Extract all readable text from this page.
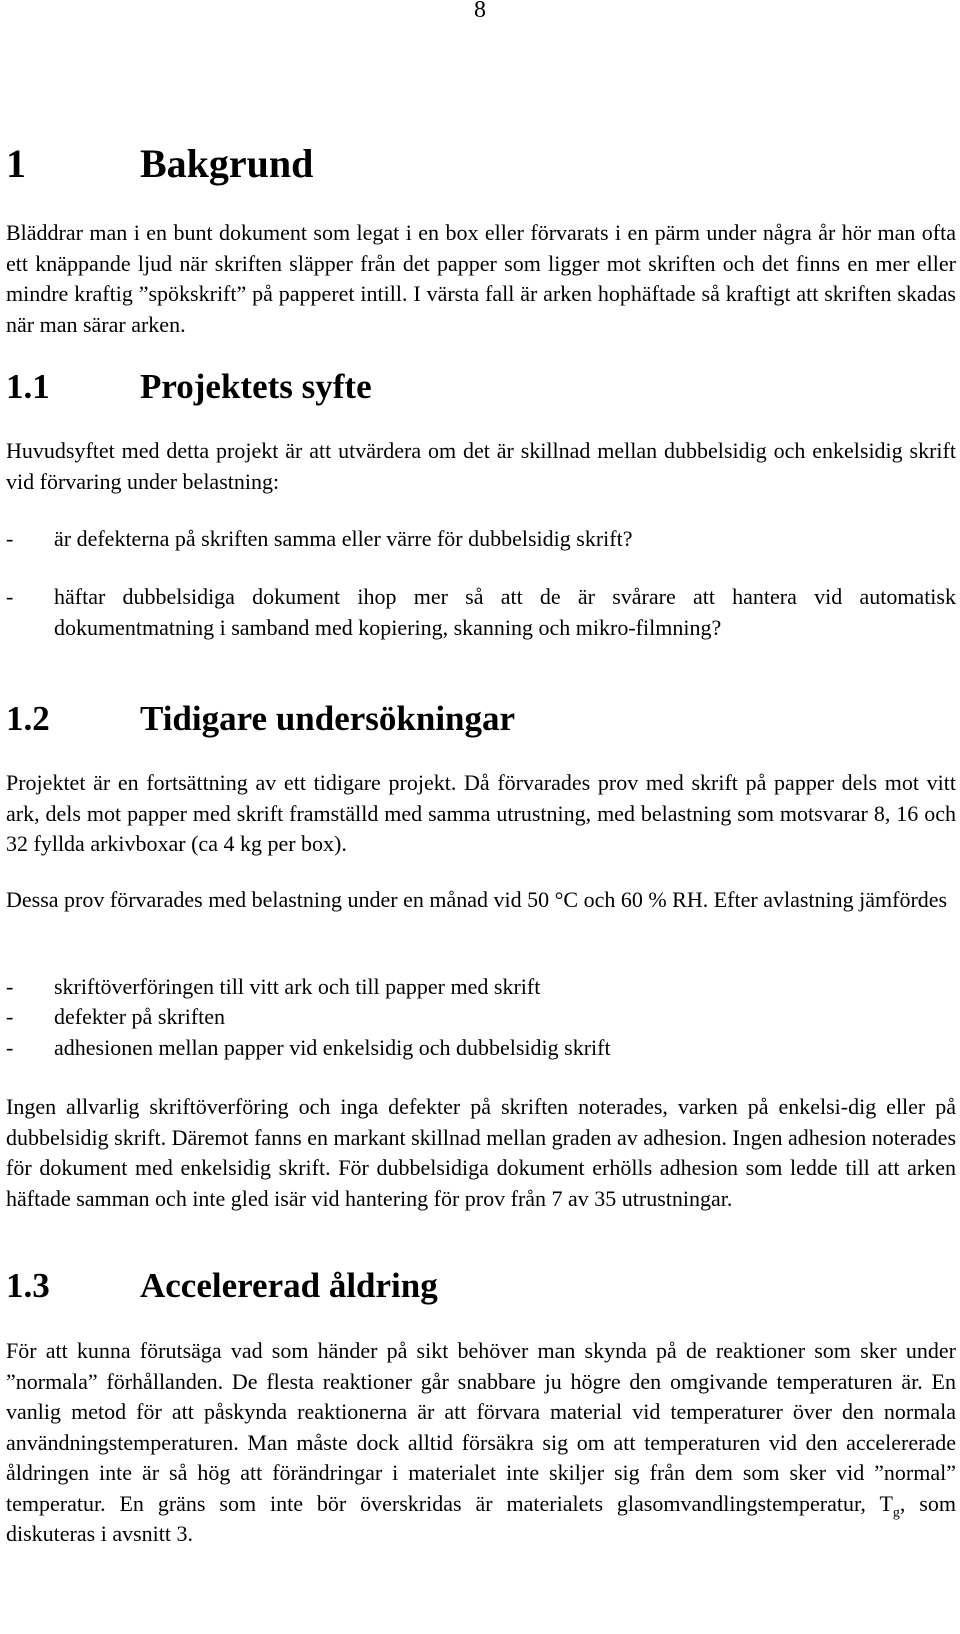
8
1	Bakgrund

Bläddrar man i en bunt dokument som legat i en box eller förvarats i en pärm under några år hör man ofta ett knäppande ljud när skriften släpper från det papper som ligger mot skriften och det finns en mer eller mindre kraftig ”spökskrift” på papperet intill. I värsta fall är arken hophäftade så kraftigt att skriften skadas när man särar arken.

1.1	Projektets syfte

Huvudsyftet med detta projekt är att utvärdera om det är skillnad mellan dubbelsidig och enkelsidig skrift vid förvaring under belastning:

-	är defekterna på skriften samma eller värre för dubbelsidig skrift?
-	häftar dubbelsidiga dokument ihop mer så att de är svårare att hantera vid automatisk dokumentmatning i samband med kopiering, skanning och mikro-filmning?
1.2	Tidigare undersökningar

Projektet är en fortsättning av ett tidigare projekt. Då förvarades prov med skrift på papper dels mot vitt ark, dels mot papper med skrift framställd med samma utrustning, med belastning som motsvarar 8, 16 och 32 fyllda arkivboxar (ca 4 kg per box).

Dessa prov förvarades med belastning under en månad vid 50 °C och 60 % RH. Efter avlastning jämfördes

-	skriftöverföringen till vitt ark och till papper med skrift
-	defekter på skriften
-	adhesionen mellan papper vid enkelsidig och dubbelsidig skrift

Ingen allvarlig skriftöverföring och inga defekter på skriften noterades, varken på enkelsi-dig eller på dubbelsidig skrift. Däremot fanns en markant skillnad mellan graden av adhesion. Ingen adhesion noterades för dokument med enkelsidig skrift. För dubbelsidiga dokument erhölls adhesion som ledde till att arken häftade samman och inte gled isär vid hantering för prov från 7 av 35 utrustningar.

1.3	Accelererad åldring

För att kunna förutsäga vad som händer på sikt behöver man skynda på de reaktioner som sker under ”normala” förhållanden. De flesta reaktioner går snabbare ju högre den omgivande temperaturen är. En vanlig metod för att påskynda reaktionerna är att förvara material vid temperaturer över den normala användningstemperaturen. Man måste dock alltid försäkra sig om att temperaturen vid den accelererade åldringen inte är så hög att förändringar i materialet inte skiljer sig från dem som sker vid ”normal” temperatur. En gräns som inte bör överskridas är materialets glasomvandlingstemperatur, $T_g$, som diskuteras i avsnitt 3.
